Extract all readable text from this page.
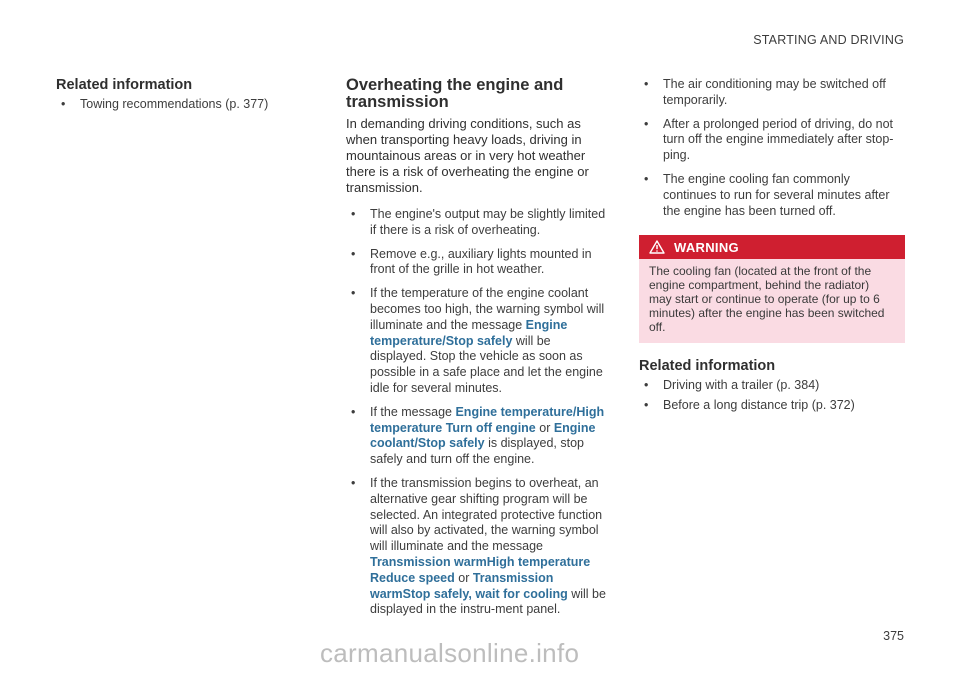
STARTING AND DRIVING
Related information
• Towing recommendations (p. 377)
Overheating the engine and transmission

In demanding driving conditions, such as when transporting heavy loads, driving in mountainous areas or in very hot weather there is a risk of overheating the engine or transmission.

• The engine's output may be slightly limited if there is a risk of overheating.
• Remove e.g., auxiliary lights mounted in front of the grille in hot weather.
• If the temperature of the engine coolant becomes too high, the warning symbol will illuminate and the message Engine temperature/Stop safely will be displayed. Stop the vehicle as soon as possible in a safe place and let the engine idle for several minutes.
• If the message Engine temperature/High temperature Turn off engine or Engine coolant/Stop safely is displayed, stop safely and turn off the engine.
• If the transmission begins to overheat, an alternative gear shifting program will be selected. An integrated protective function will also by activated, the warning symbol will illuminate and the message Transmission warmHigh temperature Reduce speed or Transmission warmStop safely, wait for cooling will be displayed in the instru-ment panel.
• The air conditioning may be switched off temporarily.
• After a prolonged period of driving, do not turn off the engine immediately after stop-ping.
• The engine cooling fan commonly continues to run for several minutes after the engine has been turned off.
WARNING
The cooling fan (located at the front of the engine compartment, behind the radiator) may start or continue to operate (for up to 6 minutes) after the engine has been switched off.
Related information
• Driving with a trailer (p. 384)
• Before a long distance trip (p. 372)
375
carmanualsonline.info
